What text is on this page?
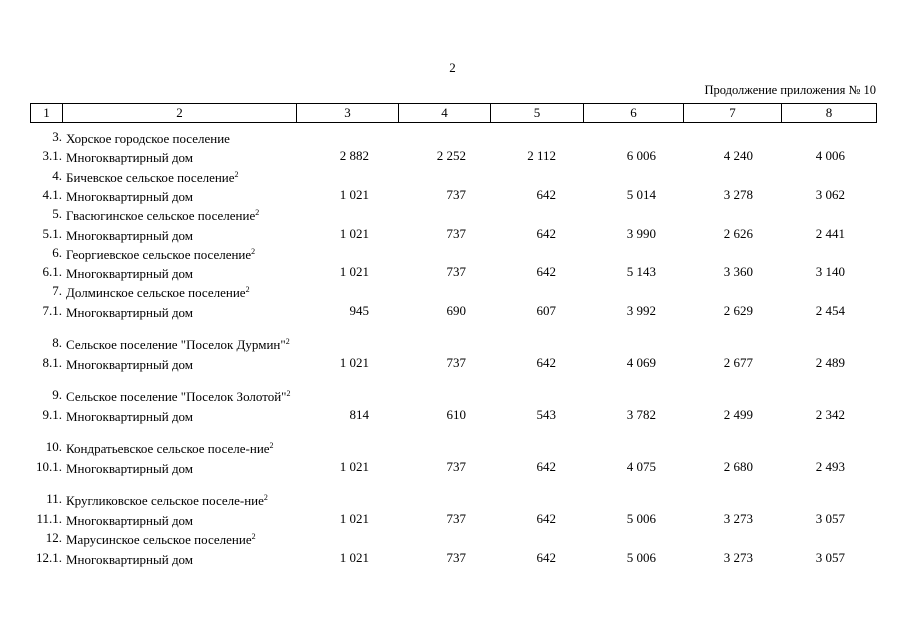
2
Продолжение приложения № 10
1	2	3	4	5	6	7	8
3. Хорское городское поселение
3.1. Многоквартирный дом	2 882	2 252	2 112	6 006	4 240	4 006
4. Бичевское сельское поселение$^2$
4.1. Многоквартирный дом	1 021	737	642	5 014	3 278	3 062
5. Гвасюгинское сельское поселение$^2$
5.1. Многоквартирный дом	1 021	737	642	3 990	2 626	2 441
6. Георгиевское сельское поселение$^2$
6.1. Многоквартирный дом	1 021	737	642	5 143	3 360	3 140
7. Долминское сельское поселение$^2$
7.1. Многоквартирный дом	945	690	607	3 992	2 629	2 454
8. Сельское поселение "Поселок Дурмин"$^2$
8.1. Многоквартирный дом	1 021	737	642	4 069	2 677	2 489
9. Сельское поселение "Поселок Золотой"$^2$
9.1. Многоквартирный дом	814	610	543	3 782	2 499	2 342
10. Кондратьевское сельское поселе-ние$^2$
10.1. Многоквартирный дом	1 021	737	642	4 075	2 680	2 493
11. Кругликовское сельское поселе-ние$^2$
11.1. Многоквартирный дом	1 021	737	642	5 006	3 273	3 057
12. Марусинское сельское поселение$^2$
12.1. Многоквартирный дом	1 021	737	642	5 006	3 273	3 057
